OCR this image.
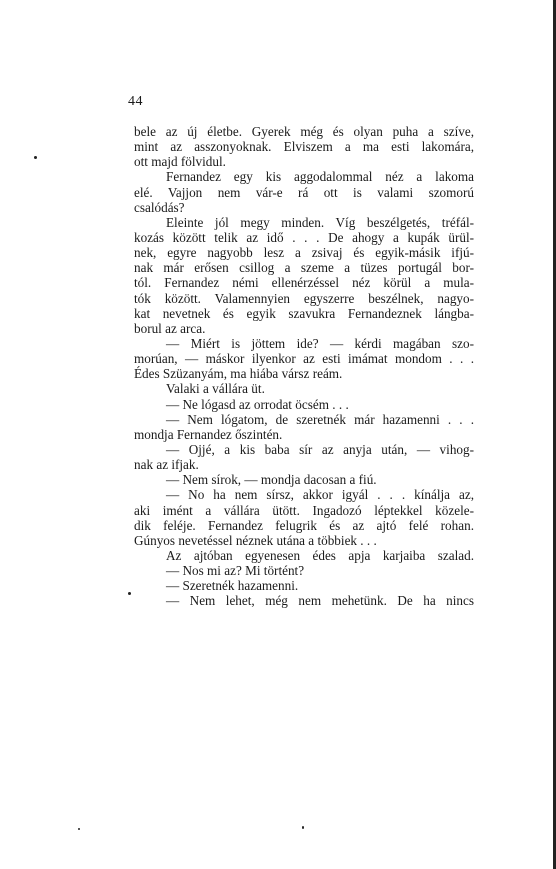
44
bele az új életbe. Gyerek még és olyan puha a szíve,
mint az asszonyoknak. Elviszem a ma esti lakomára,
ott majd fölvidul.
Fernandez egy kis aggodalommal néz a lakoma
elé. Vajjon nem vár-e rá ott is valami szomorú
csalódás?
Eleinte jól megy minden. Víg beszélgetés, tréfál-
kozás között telik az idő . . . De ahogy a kupák ürül-
nek, egyre nagyobb lesz a zsivaj és egyik-másik ifjú-
nak már erősen csillog a szeme a tüzes portugál bor-
tól. Fernandez némi ellenérzéssel néz körül a mula-
tók között. Valamennyien egyszerre beszélnek, nagyo-
kat nevetnek és egyik szavukra Fernandeznek lángba-
borul az arca.
— Miért is jöttem ide? — kérdi magában szo-
morúan, — máskor ilyenkor az esti imámat mondom . . .
Édes Szüzanyám, ma hiába vársz reám.
Valaki a vállára üt.
— Ne lógasd az orrodat öcsém . . .
— Nem lógatom, de szeretnék már hazamenni . . .
mondja Fernandez őszintén.
— Ojjé, a kis baba sír az anyja után, — vihog-
nak az ifjak.
— Nem sírok, — mondja dacosan a fiú.
— No ha nem sírsz, akkor igyál . . . kínálja az,
aki imént a vállára ütött. Ingadozó léptekkel közele-
dik feléje. Fernandez felugrik és az ajtó felé rohan.
Gúnyos nevetéssel néznek utána a többiek . . .
Az ajtóban egyenesen édes apja karjaiba szalad.
— Nos mi az? Mi történt?
— Szeretnék hazamenni.
— Nem lehet, még nem mehetünk. De ha nincs
